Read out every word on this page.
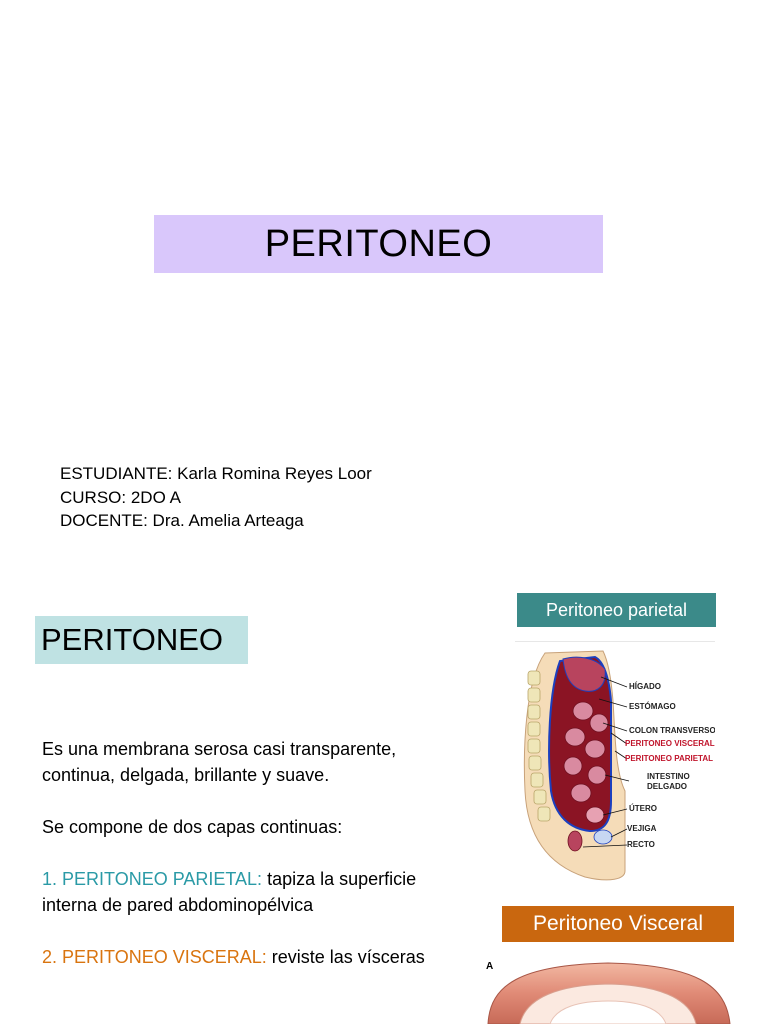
PERITONEO
ESTUDIANTE: Karla Romina Reyes Loor
CURSO: 2DO A
DOCENTE: Dra. Amelia Arteaga
PERITONEO

Es una membrana serosa casi transparente, continua, delgada, brillante y suave.

Se compone de dos capas continuas:

1. PERITONEO PARIETAL: tapiza la superficie interna de pared abdominopélvica

2. PERITONEO VISCERAL: reviste las vísceras

Peritoneo parietal
HÍGADO
ESTÓMAGO
COLON TRANSVERSO
PERITONEO VISCERAL
PERITONEO PARIETAL
INTESTINO
DELGADO
ÚTERO
VEJIGA
RECTO
Peritoneo Visceral
A
